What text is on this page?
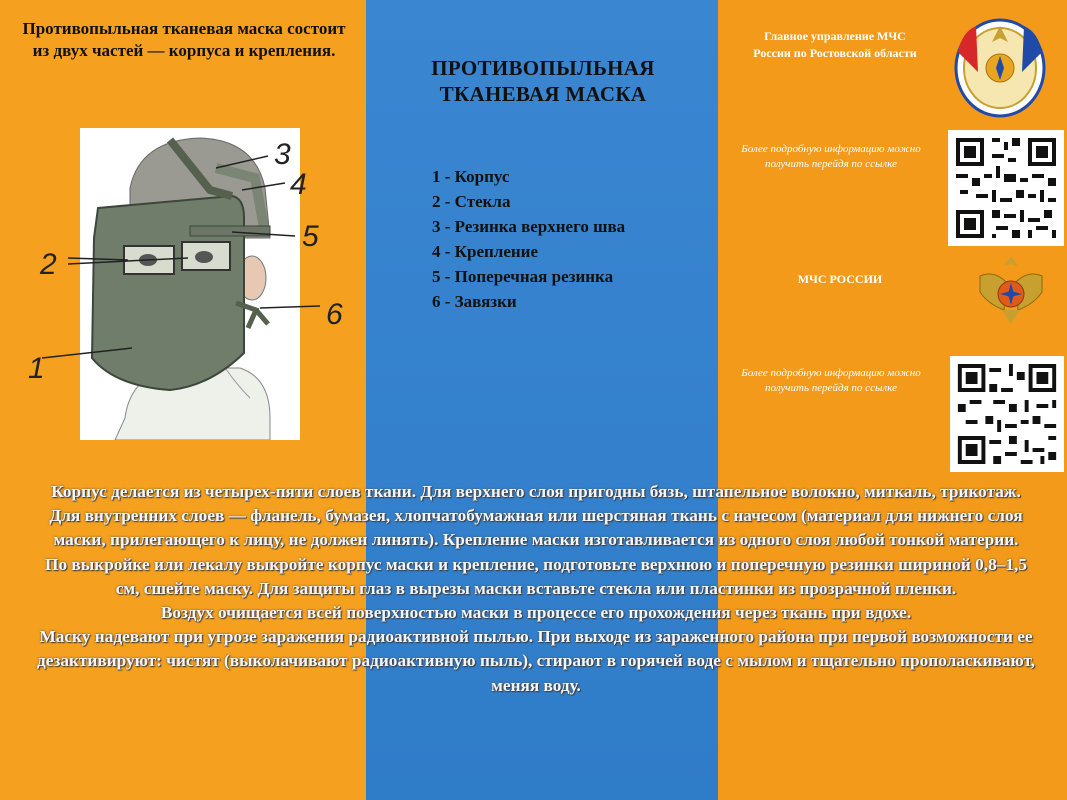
Противопыльная тканевая маска состоит из двух частей — корпуса и крепления.
ПРОТИВОПЫЛЬНАЯ
ТКАНЕВАЯ МАСКА
1 - Корпус
2 - Стекла
3 - Резинка верхнего шва
4 - Крепление
5 - Поперечная резинка
6 - Завязки
3
4
5
2
6
1
Главное управление МЧС
России по Ростовской области
Более подробную информацию можно получить перейдя по ссылке
МЧС РОССИИ
Более подробную информацию можно получить перейдя по ссылке

Корпус делается из четырех-пяти слоев ткани. Для верхнего слоя пригодны бязь, штапельное волокно, миткаль, трикотаж. Для внутренних слоев — фланель, бумазея, хлопчатобумажная или шерстяная ткань с начесом (материал для нижнего слоя маски, прилегающего к лицу, не должен линять). Крепление маски изготавливается из одного слоя любой тонкой материи.

По выкройке или лекалу выкройте корпус маски и крепление, подготовьте верхнюю и поперечную резинки шириной 0,8–1,5 см, сшейте маску. Для защиты глаз в вырезы маски вставьте стекла или пластинки из прозрачной пленки.

Воздух очищается всей поверхностью маски в процессе его прохождения через ткань при вдохе.

Маску надевают при угрозе заражения радиоактивной пылью. При выходе из зараженного района при первой возможности ее дезактивируют: чистят (выколачивают радиоактивную пыль), стирают в горячей воде с мылом и тщательно прополаскивают, меняя воду.
